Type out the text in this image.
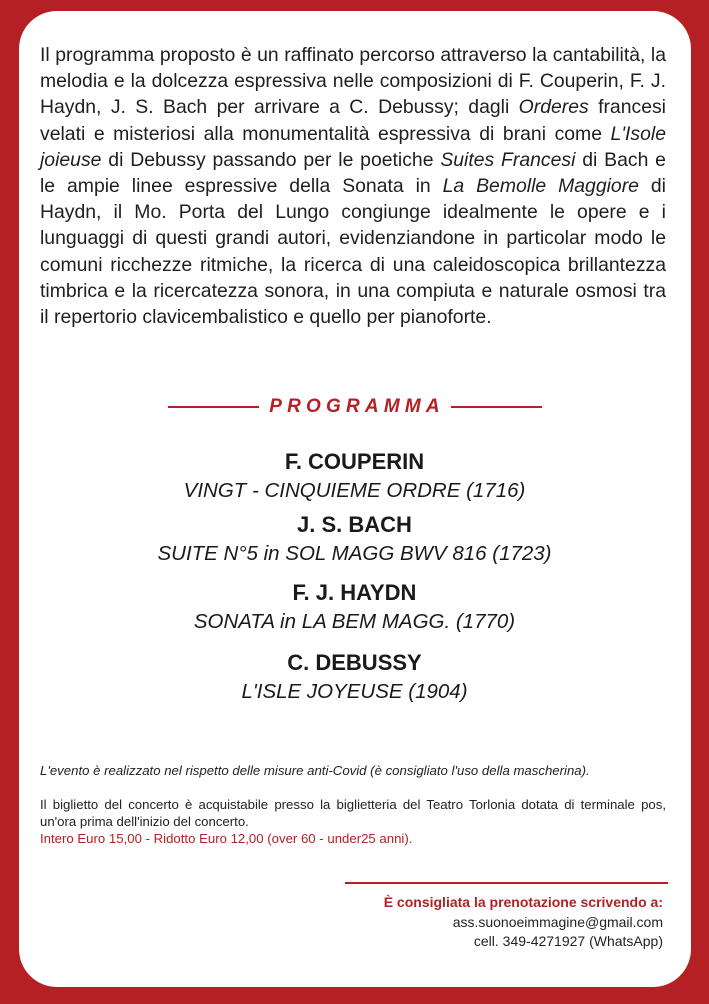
Il programma proposto è un raffinato percorso attraverso la cantabilità, la melodia e la dolcezza espressiva nelle composizioni di F. Couperin, F. J. Haydn, J. S. Bach per arrivare a C. Debussy; dagli Orderes francesi velati e misteriosi alla monumentalità espressiva di brani come L'Isole joieuse di Debussy passando per le poetiche Suites Francesi di Bach e le ampie linee espressive della Sonata in La Bemolle Maggiore di Haydn, il Mo. Porta del Lungo congiunge idealmente le opere e i lunguaggi di questi grandi autori, evidenziandone in particolar modo le comuni ricchezze ritmiche, la ricerca di una caleidoscopica brillantezza timbrica e la ricercatezza sonora, in una compiuta e naturale osmosi tra il repertorio clavicembalistico e quello per pianoforte.

PROGRAMMA
F. COUPERIN
VINGT - CINQUIEME ORDRE (1716)
J. S. BACH
SUITE N°5 in SOL MAGG BWV 816 (1723)
F. J. HAYDN
SONATA in LA BEM MAGG. (1770)
C. DEBUSSY
L'ISLE JOYEUSE (1904)
L'evento è realizzato nel rispetto delle misure anti-Covid (è consigliato l'uso della mascherina).
Il biglietto del concerto è acquistabile presso la biglietteria del Teatro Torlonia dotata di terminale pos, un'ora prima dell'inizio del concerto.
Intero Euro 15,00 - Ridotto Euro 12,00 (over 60 - under25 anni).
È consigliata la prenotazione scrivendo a:
ass.suonoeimmagine@gmail.com
cell. 349-4271927 (WhatsApp)
